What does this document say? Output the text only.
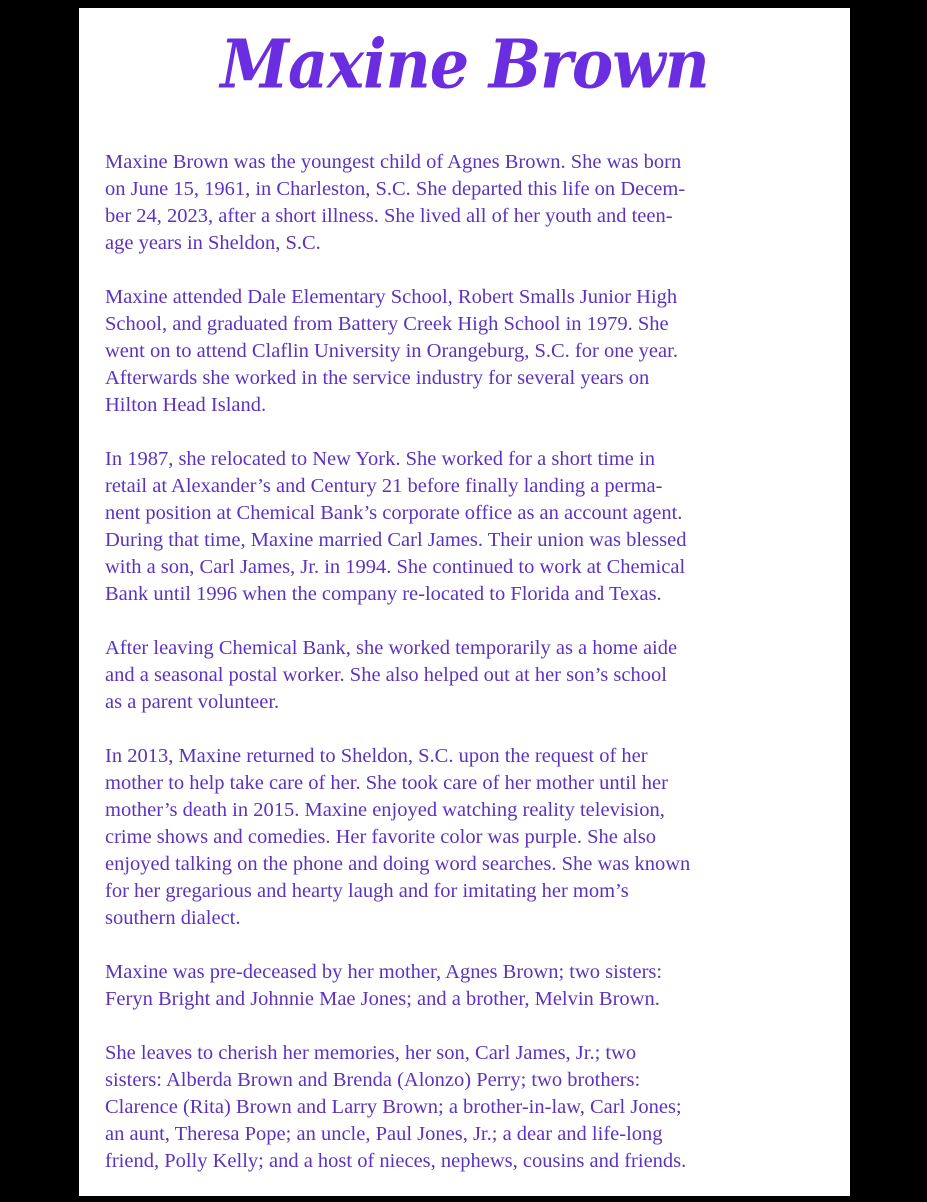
Maxine Brown

Maxine Brown was the youngest child of Agnes Brown. She was born
on June 15, 1961, in Charleston, S.C. She departed this life on Decem-
ber 24, 2023, after a short illness. She lived all of her youth and teen-
age years in Sheldon, S.C.

Maxine attended Dale Elementary School, Robert Smalls Junior High
School, and graduated from Battery Creek High School in 1979. She
went on to attend Claflin University in Orangeburg, S.C. for one year.
Afterwards she worked in the service industry for several years on
Hilton Head Island.

In 1987, she relocated to New York. She worked for a short time in
retail at Alexander’s and Century 21 before finally landing a perma-
nent position at Chemical Bank’s corporate office as an account agent.
During that time, Maxine married Carl James. Their union was blessed
with a son, Carl James, Jr. in 1994. She continued to work at Chemical
Bank until 1996 when the company re-located to Florida and Texas.

After leaving Chemical Bank, she worked temporarily as a home aide
and a seasonal postal worker. She also helped out at her son’s school
as a parent volunteer.

In 2013, Maxine returned to Sheldon, S.C. upon the request of her
mother to help take care of her. She took care of her mother until her
mother’s death in 2015. Maxine enjoyed watching reality television,
crime shows and comedies. Her favorite color was purple. She also
enjoyed talking on the phone and doing word searches. She was known
for her gregarious and hearty laugh and for imitating her mom’s
southern dialect.

Maxine was pre-deceased by her mother, Agnes Brown; two sisters:
Feryn Bright and Johnnie Mae Jones; and a brother, Melvin Brown.

She leaves to cherish her memories, her son, Carl James, Jr.; two
sisters: Alberda Brown and Brenda (Alonzo) Perry; two brothers:
Clarence (Rita) Brown and Larry Brown; a brother-in-law, Carl Jones;
an aunt, Theresa Pope; an uncle, Paul Jones, Jr.; a dear and life-long
friend, Polly Kelly; and a host of nieces, nephews, cousins and friends.
